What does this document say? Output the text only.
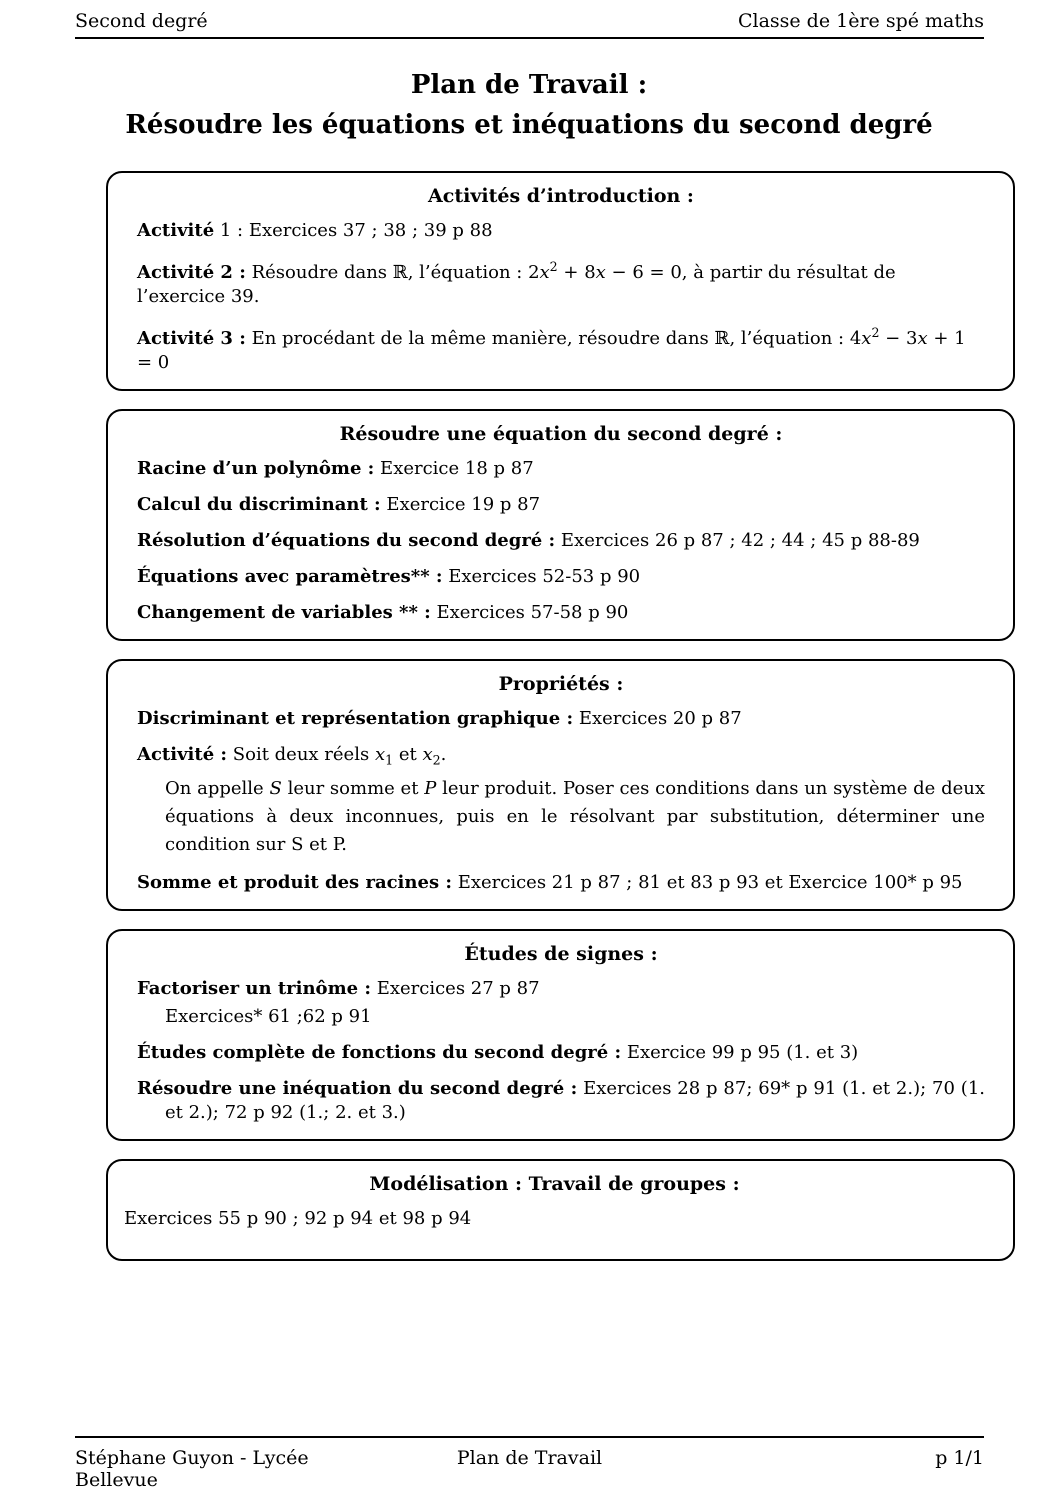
Second degré	Classe de 1ère spé maths
Plan de Travail :
Résoudre les équations et inéquations du second degré
Activités d’introduction :
Activité 1 : Exercices 37 ; 38 ; 39 p 88
Activité 2 : Résoudre dans ℝ, l’équation : $2x^2 + 8x - 6 = 0$, à partir du résultat de l’exercice 39.
Activité 3 : En procédant de la même manière, résoudre dans ℝ, l’équation : $4x^2 - 3x + 1 = 0$
Résoudre une équation du second degré :
Racine d’un polynôme : Exercice 18 p 87
Calcul du discriminant : Exercice 19 p 87
Résolution d’équations du second degré : Exercices 26 p 87 ; 42 ; 44 ; 45 p 88-89
Équations avec paramètres** : Exercices 52-53 p 90
Changement de variables ** : Exercices 57-58 p 90
Propriétés :
Discriminant et représentation graphique : Exercices 20 p 87
Activité : Soit deux réels $x_1$ et $x_2$.
On appelle S leur somme et P leur produit. Poser ces conditions dans un système de deux équations à deux inconnues, puis en le résolvant par substitution, déterminer une condition sur S et P.
Somme et produit des racines : Exercices 21 p 87 ; 81 et 83 p 93 et Exercice 100* p 95
Études de signes :
Factoriser un trinôme : Exercices 27 p 87
Exercices* 61 ;62 p 91
Études complète de fonctions du second degré : Exercice 99 p 95 (1. et 3)
Résoudre une inéquation du second degré : Exercices 28 p 87; 69* p 91 (1. et 2.); 70 (1. et 2.); 72 p 92 (1.; 2. et 3.)
Modélisation : Travail de groupes :
Exercices 55 p 90 ; 92 p 94 et 98 p 94
Stéphane Guyon - Lycée Bellevue
Plan de Travail	p 1/1
